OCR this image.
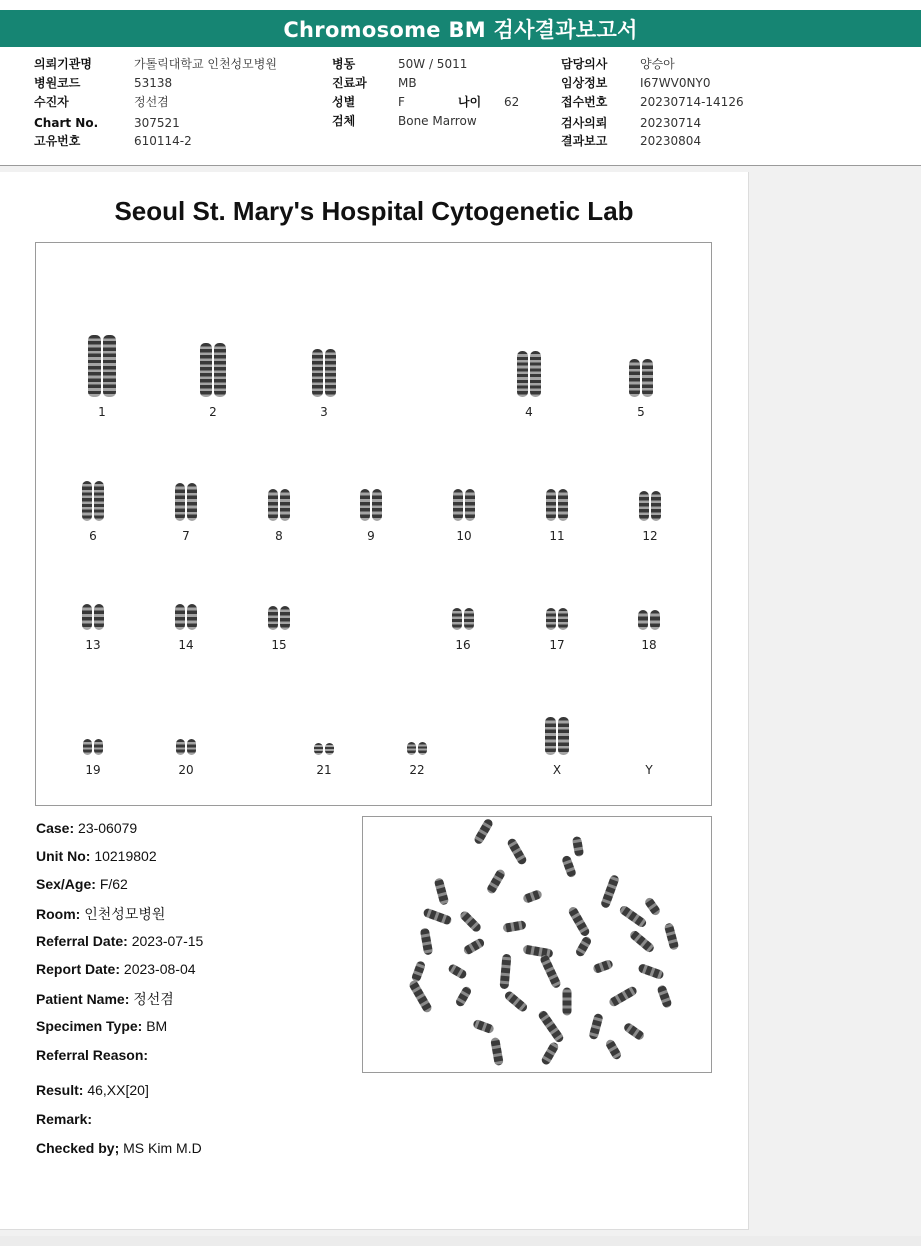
Chromosome BM 검사결과보고서
의뢰기관명	가톨릭대학교 인천성모병원
병원코드	53138
수진자	정선겸
Chart No.	307521
고유번호	610114-2
병동	50W / 5011
진료과	MB
성별	F	나이 62
검체	Bone Marrow
담당의사	양승아
임상정보	I67WV0NY0
접수번호	20230714-14126
검사의뢰	20230714
결과보고	20230804
Seoul St. Mary's Hospital Cytogenetic Lab
1	2	3	4	5
6	7	8	9	10	11	12
13	14	15	16	17	18
19	20	21	22	X	Y
Case: 23-06079
Unit No: 10219802
Sex/Age: F/62
Room: 인천성모병원
Referral Date: 2023-07-15
Report Date: 2023-08-04
Patient Name: 정선겸
Specimen Type: BM
Referral Reason:
Result: 46,XX[20]
Remark:
Checked by; MS Kim M.D
